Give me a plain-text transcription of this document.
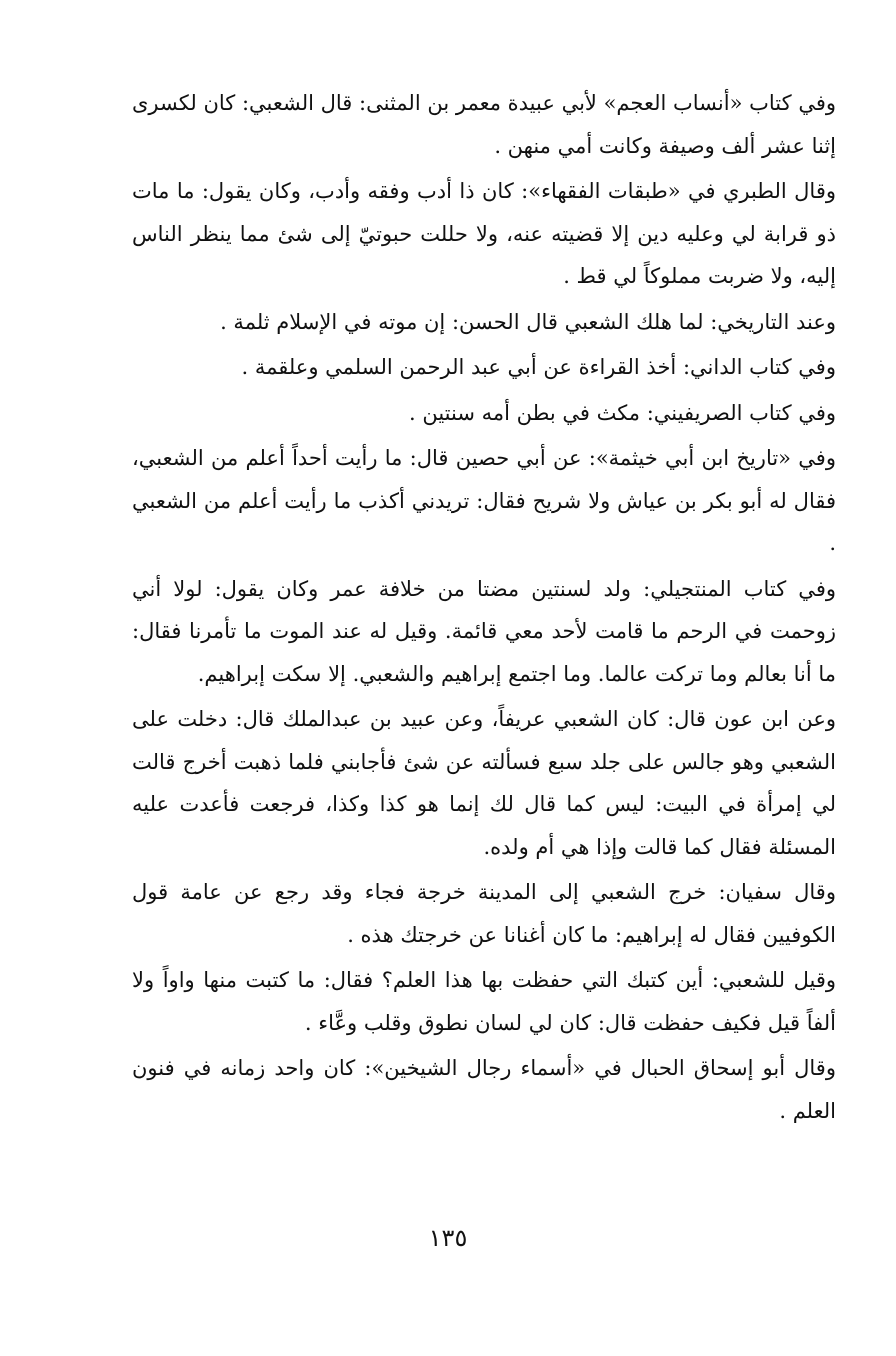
وفي كتاب «أنساب العجم» لأبي عبيدة معمر بن المثنى: قال الشعبي: كان لكسرى إثنا عشر ألف وصيفة وكانت أمي منهن .

وقال الطبري في «طبقات الفقهاء»: كان ذا أدب وفقه وأدب، وكان يقول: ما مات ذو قرابة لي وعليه دين إلا قضيته عنه، ولا حللت حبوتيّ إلى شئ مما ينظر الناس إليه، ولا ضربت مملوكاً لي قط .

وعند التاريخي: لما هلك الشعبي قال الحسن: إن موته في الإسلام ثلمة .

وفي كتاب الداني: أخذ القراءة عن أبي عبد الرحمن السلمي وعلقمة .

وفي كتاب الصريفيني: مكث في بطن أمه سنتين .

وفي «تاريخ ابن أبي خيثمة»: عن أبي حصين قال: ما رأيت أحداً أعلم من الشعبي، فقال له أبو بكر بن عياش ولا شريح فقال: تريدني أكذب ما رأيت أعلم من الشعبي .

وفي كتاب المنتجيلي: ولد لسنتين مضتا من خلافة عمر وكان يقول: لولا أني زوحمت في الرحم ما قامت لأحد معي قائمة. وقيل له عند الموت ما تأمرنا فقال: ما أنا بعالم وما تركت عالما. وما اجتمع إبراهيم والشعبي. إلا سكت إبراهيم.

وعن ابن عون قال: كان الشعبي عريفاً، وعن عبيد بن عبدالملك قال: دخلت على الشعبي وهو جالس على جلد سبع فسألته عن شئ فأجابني فلما ذهبت أخرج قالت لي إمرأة في البيت: ليس كما قال لك إنما هو كذا وكذا، فرجعت فأعدت عليه المسئلة فقال كما قالت وإذا هي أم ولده.

وقال سفيان: خرج الشعبي إلى المدينة خرجة فجاء وقد رجع عن عامة قول الكوفيين فقال له إبراهيم: ما كان أغنانا عن خرجتك هذه .

وقيل للشعبي: أين كتبك التي حفظت بها هذا العلم؟ فقال: ما كتبت منها واواً ولا ألفاً قيل فكيف حفظت قال: كان لي لسان نطوق وقلب وعَّاء .

وقال أبو إسحاق الحبال في «أسماء رجال الشيخين»: كان واحد زمانه في فنون العلم .

١٣٥
